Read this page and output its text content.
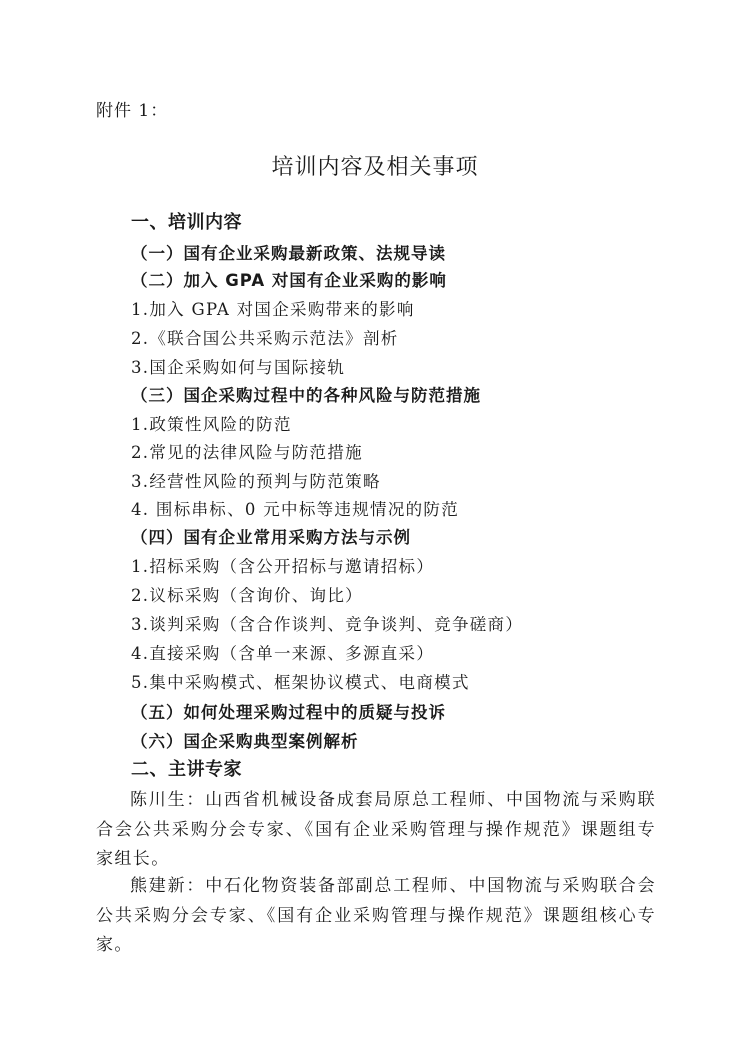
附件 1：
培训内容及相关事项
一、培训内容
（一）国有企业采购最新政策、法规导读
（二）加入 GPA 对国有企业采购的影响
1.加入 GPA 对国企采购带来的影响
2.《联合国公共采购示范法》剖析
3.国企采购如何与国际接轨
（三）国企采购过程中的各种风险与防范措施
1.政策性风险的防范
2.常见的法律风险与防范措施
3.经营性风险的预判与防范策略
4. 围标串标、0 元中标等违规情况的防范
（四）国有企业常用采购方法与示例
1.招标采购（含公开招标与邀请招标）
2.议标采购（含询价、询比）
3.谈判采购（含合作谈判、竞争谈判、竞争磋商）
4.直接采购（含单一来源、多源直采）
5.集中采购模式、框架协议模式、电商模式
（五）如何处理采购过程中的质疑与投诉
（六）国企采购典型案例解析
二、主讲专家
陈川生：山西省机械设备成套局原总工程师、中国物流与采购联合会公共采购分会专家、《国有企业采购管理与操作规范》课题组专家组长。
熊建新：中石化物资装备部副总工程师、中国物流与采购联合会公共采购分会专家、《国有企业采购管理与操作规范》课题组核心专家。
